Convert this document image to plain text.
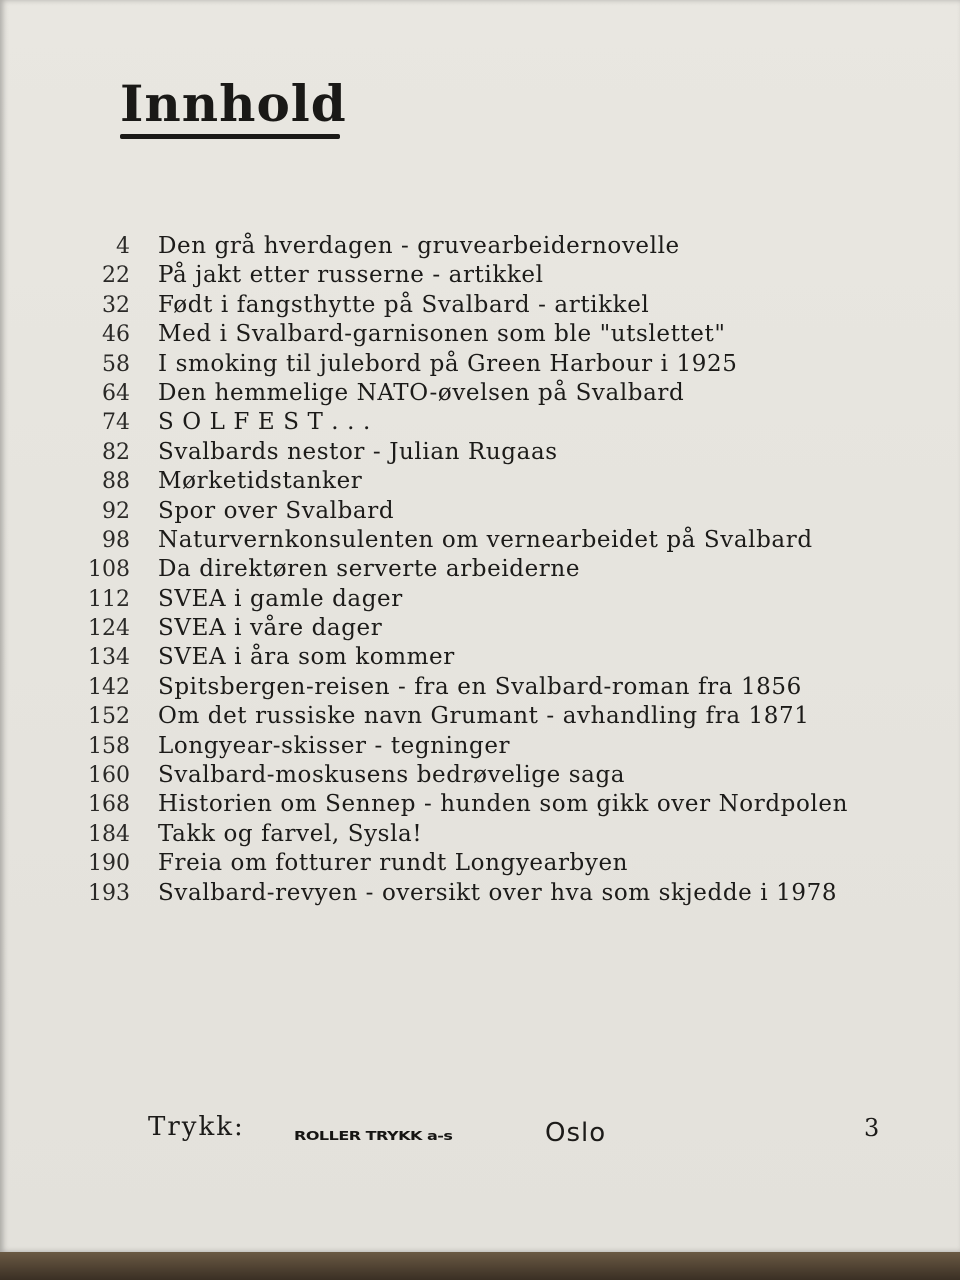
Innhold
4 Den grå hverdagen - gruvearbeidernovelle
22 På jakt etter russerne - artikkel
32 Født i fangsthytte på Svalbard - artikkel
46 Med i Svalbard-garnisonen som ble "utslettet"
58 I smoking til julebord på Green Harbour i 1925
64 Den hemmelige NATO-øvelsen på Svalbard
74 S O L F E S T . . .
82 Svalbards nestor - Julian Rugaas
88 Mørketidstanker
92 Spor over Svalbard
98 Naturvernkonsulenten om vernearbeidet på Svalbard
108 Da direktøren serverte arbeiderne
112 SVEA i gamle dager
124 SVEA i våre dager
134 SVEA i åra som kommer
142 Spitsbergen-reisen - fra en Svalbard-roman fra 1856
152 Om det russiske navn Grumant - avhandling fra 1871
158 Longyear-skisser - tegninger
160 Svalbard-moskusens bedrøvelige saga
168 Historien om Sennep - hunden som gikk over Nordpolen
184 Takk og farvel, Sysla!
190 Freia om fotturer rundt Longyearbyen
193 Svalbard-revyen - oversikt over hva som skjedde i 1978
Trykk:	ROLLER TRYKK a-s	Oslo	3
